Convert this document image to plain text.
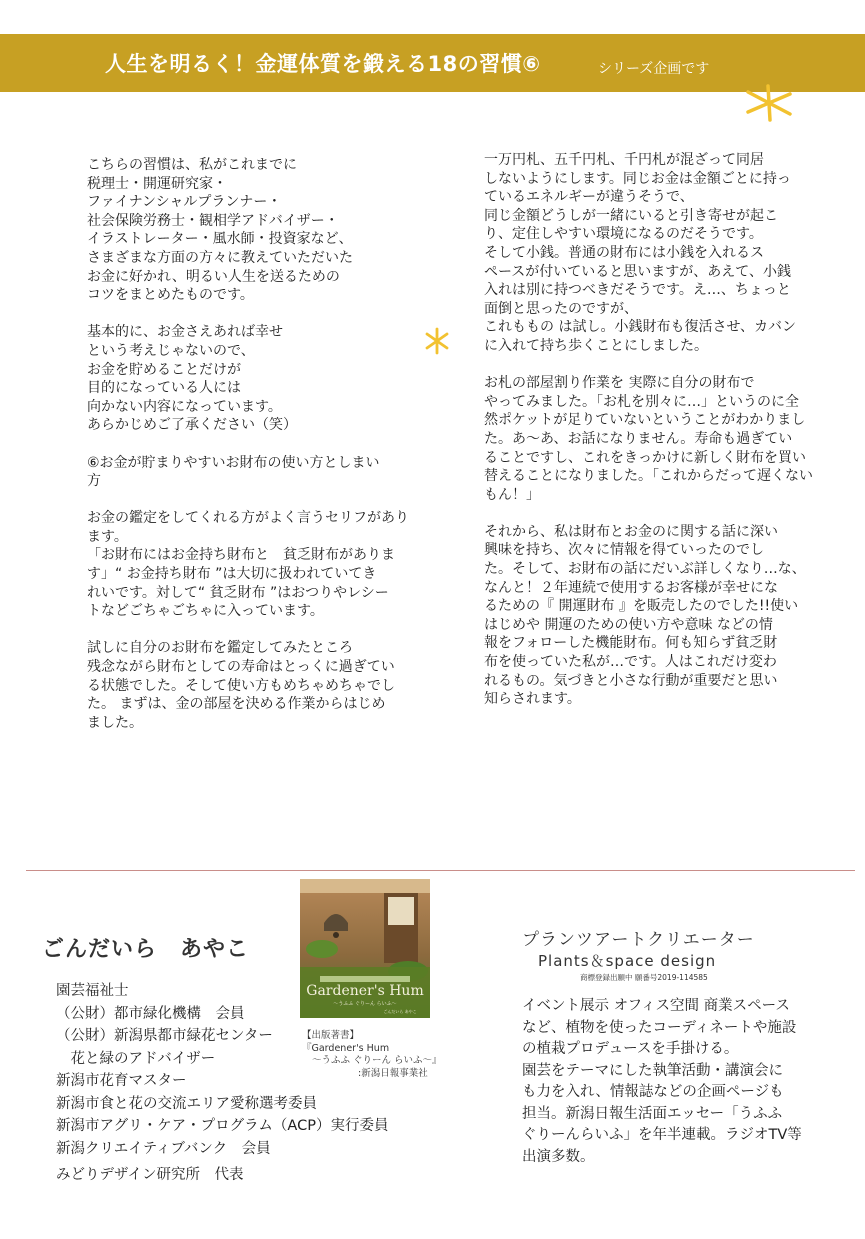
人生を明るく！金運体質を鍛える18の習慣⑥	シリーズ企画です

こちらの習慣は、私がこれまでに

税理士・開運研究家・

ファイナンシャルプランナー・

社会保険労務士・観相学アドバイザー・

イラストレーター・風水師・投資家など、

さまざまな方面の方々に教えていただいた

お金に好かれ、明るい人生を送るための

コツをまとめたものです。

基本的に、お金さえあれば幸せ

という考えじゃないので、

お金を貯めることだけが

目的になっている人には

向かない内容になっています。

あらかじめご了承ください（笑）

⑥お金が貯まりやすいお財布の使い方としまい

方

お金の鑑定をしてくれる方がよく言うセリフがあり

ます。

「お財布にはお金持ち財布と　貧乏財布がありま

す」“ お金持ち財布 ”は大切に扱われていてき

れいです。対して“ 貧乏財布 ”はおつりやレシー

トなどごちゃごちゃに入っています。

試しに自分のお財布を鑑定してみたところ

残念ながら財布としての寿命はとっくに過ぎてい

る状態でした。そして使い方もめちゃめちゃでし

た。 まずは、金の部屋を決める作業からはじめ

ました。

一万円札、五千円札、千円札が混ざって同居

しないようにします。同じお金は金額ごとに持っ

ているエネルギーが違うそうで、

同じ金額どうしが一緒にいると引き寄せが起こ

り、定住しやすい環境になるのだそうです。

そして小銭。普通の財布には小銭を入れるス

ペースが付いていると思いますが、あえて、小銭

入れは別に持つべきだそうです。え…、ちょっと

面倒と思ったのですが、

これももの は試し。小銭財布も復活させ、カバン

に入れて持ち歩くことにしました。

お札の部屋割り作業を 実際に自分の財布で

やってみました。「お札を別々に…」というのに全

然ポケットが足りていないということがわかりまし

た。あ～あ、お話になりません。寿命も過ぎてい

ることですし、これをきっかけに新しく財布を買い

替えることになりました。「これからだって遅くない

もん！」

それから、私は財布とお金のに関する話に深い

興味を持ち、次々に情報を得ていったのでし

た。そして、お財布の話にだいぶ詳しくなり…な、

なんと！２年連続で使用するお客様が幸せにな

るための『 開運財布 』を販売したのでした!!使い

はじめや 開運のための使い方や意味 などの情

報をフォローした機能財布。何も知らず貧乏財

布を使っていた私が…です。人はこれだけ変わ

れるもの。気づきと小さな行動が重要だと思い

知らされます。

ごんだいら　あやこ

園芸福祉士

（公財）都市緑化機構　会員

（公財）新潟県都市緑花センター

　花と緑のアドバイザー

新潟市花育マスター

新潟市食と花の交流エリア愛称選考委員

新潟市アグリ・ケア・プログラム（ACP）実行委員

新潟クリエイティブバンク　会員

みどりデザイン研究所　代表
Gardener's Hum
～うふふ ぐりーん らいふ～
ごんだいら あやこ

【出版著書】

『Gardener's Hum

～うふふ ぐりーん らいふ～』

:新潟日報事業社

プランツアートクリエーター
Plants＆space design
商標登録出願中 願番号2019-114585

イベント展示 オフィス空間 商業スペース

など、植物を使ったコーディネートや施設

の植栽プロデュースを手掛ける。

園芸をテーマにした執筆活動・講演会に

も力を入れ、情報誌などの企画ページも

担当。新潟日報生活面エッセー「うふふ

ぐりーんらいふ」を年半連載。ラジオTV等

出演多数。
